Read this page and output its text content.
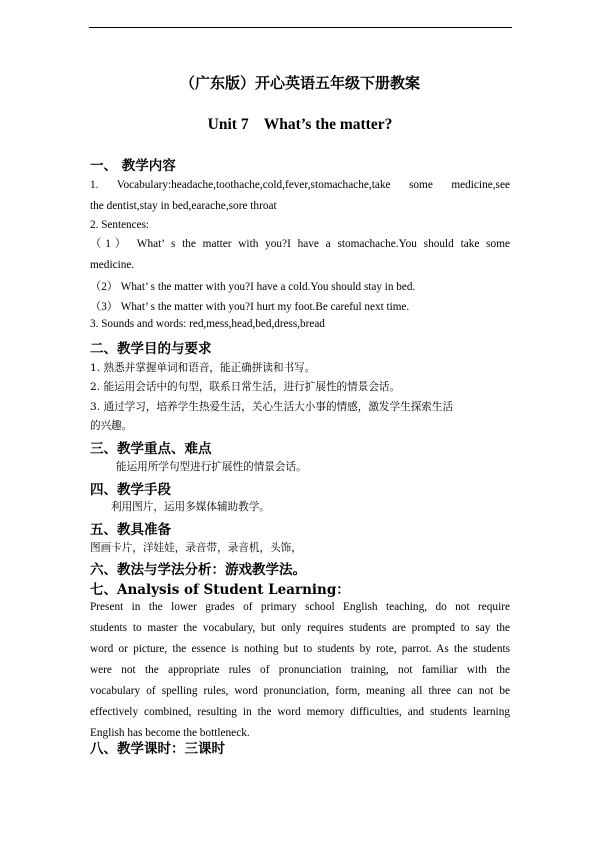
（广东版）开心英语五年级下册教案
Unit 7    What’s the matter?
一、 教学内容
1. Vocabulary:headache,toothache,cold,fever,stomachache,take some medicine,see
the dentist,stay in bed,earache,sore throat
2. Sentences:
（1） What’ s the matter with you?I have a stomachache.You should take some
medicine.
（2） What’ s the matter with you?I have a cold.You should stay in bed.
（3） What’ s the matter with you?I hurt my foot.Be careful next time.
3. Sounds and words: red,mess,head,bed,dress,bread
二、教学目的与要求
1. 熟悉并掌握单词和语音，能正确拼读和书写。
2. 能运用会话中的句型，联系日常生活，进行扩展性的情景会话。
3. 通过学习，培养学生热爱生活，关心生活大小事的情感，激发学生探索生活
的兴趣。
三、教学重点、难点
能运用所学句型进行扩展性的情景会话。
四、教学手段
利用图片，运用多媒体辅助教学。
五、教具准备
图画卡片，洋娃娃，录音带，录音机，头饰，
六、教法与学法分析：游戏教学法。
七、Analysis of Student Learning：
Present in the lower grades of primary school English teaching, do not require
students to master the vocabulary, but only requires students are prompted to say the
word or picture, the essence is nothing but to students by rote, parrot. As the students
were not the appropriate rules of pronunciation training, not familiar with the
vocabulary of spelling rules, word pronunciation, form, meaning all three can not be
effectively combined, resulting in the word memory difficulties, and students learning
English has become the bottleneck.
八、教学课时：三课时
